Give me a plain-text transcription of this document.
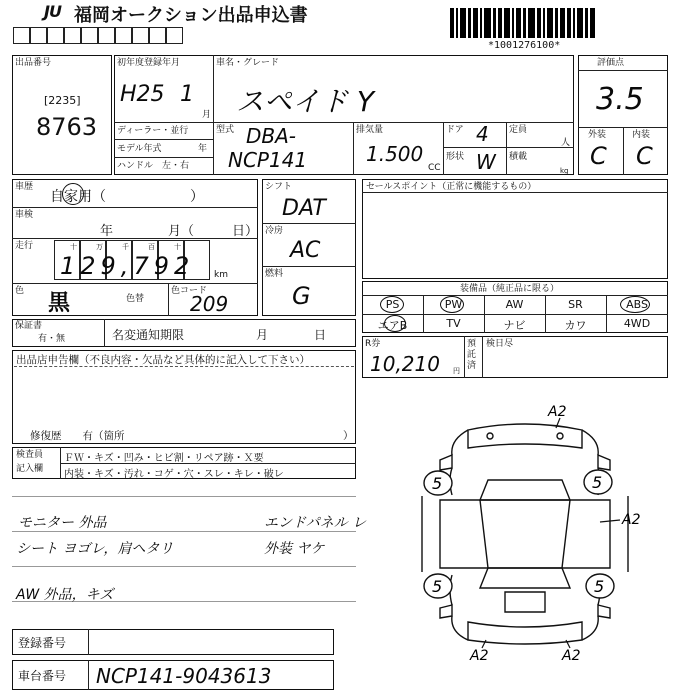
JU 福岡オークション出品申込書
*1001276100*
出品番号
[2235]
8763
初年度登録年月
H25 1
月
車名・グレード
スペイド Y
ディーラー・並行
モデル年式	年
ハンドル　左・右
型式 DBA-
NCP141
排気量
1.500
CC
ドア 4
形状 W
定員
人
積載
kg
評価点
3.5
外装	内装
C C
車歴
自家用（　　　　　　）
車検
年	月（	日）
走行	十	万	千	百	十
129,792 km
色 黒	色替
色コード
209
シフト
DAT
冷房
AC
燃料
G
セールスポイント（正常に機能するもの）
装備品（純正品に限る）
PS	PW	AW	SR	ABS
エアB	TV	ナビ	カワ	4WD
R券
10,210 円
預託済
検日尽
保証書
有・無	名変通知期限	月	日
出品店申告欄（不良内容・欠品など具体的に記入して下さい）
修復歴　　有（箇所	）
検査員
記入欄
ＦＷ・キズ・凹み・ヒビ割・リペア跡・Ｘ要
内装・キズ・汚れ・コゲ・穴・スレ・キレ・破レ
モニター 外品	エンドパネル レ
シート ヨゴレ，肩ヘタリ	外装 ヤケ
AW 外品，キズ
登録番号
車台番号 NCP141-9043613
5	5
5	5
A2
A2
A2	A2
